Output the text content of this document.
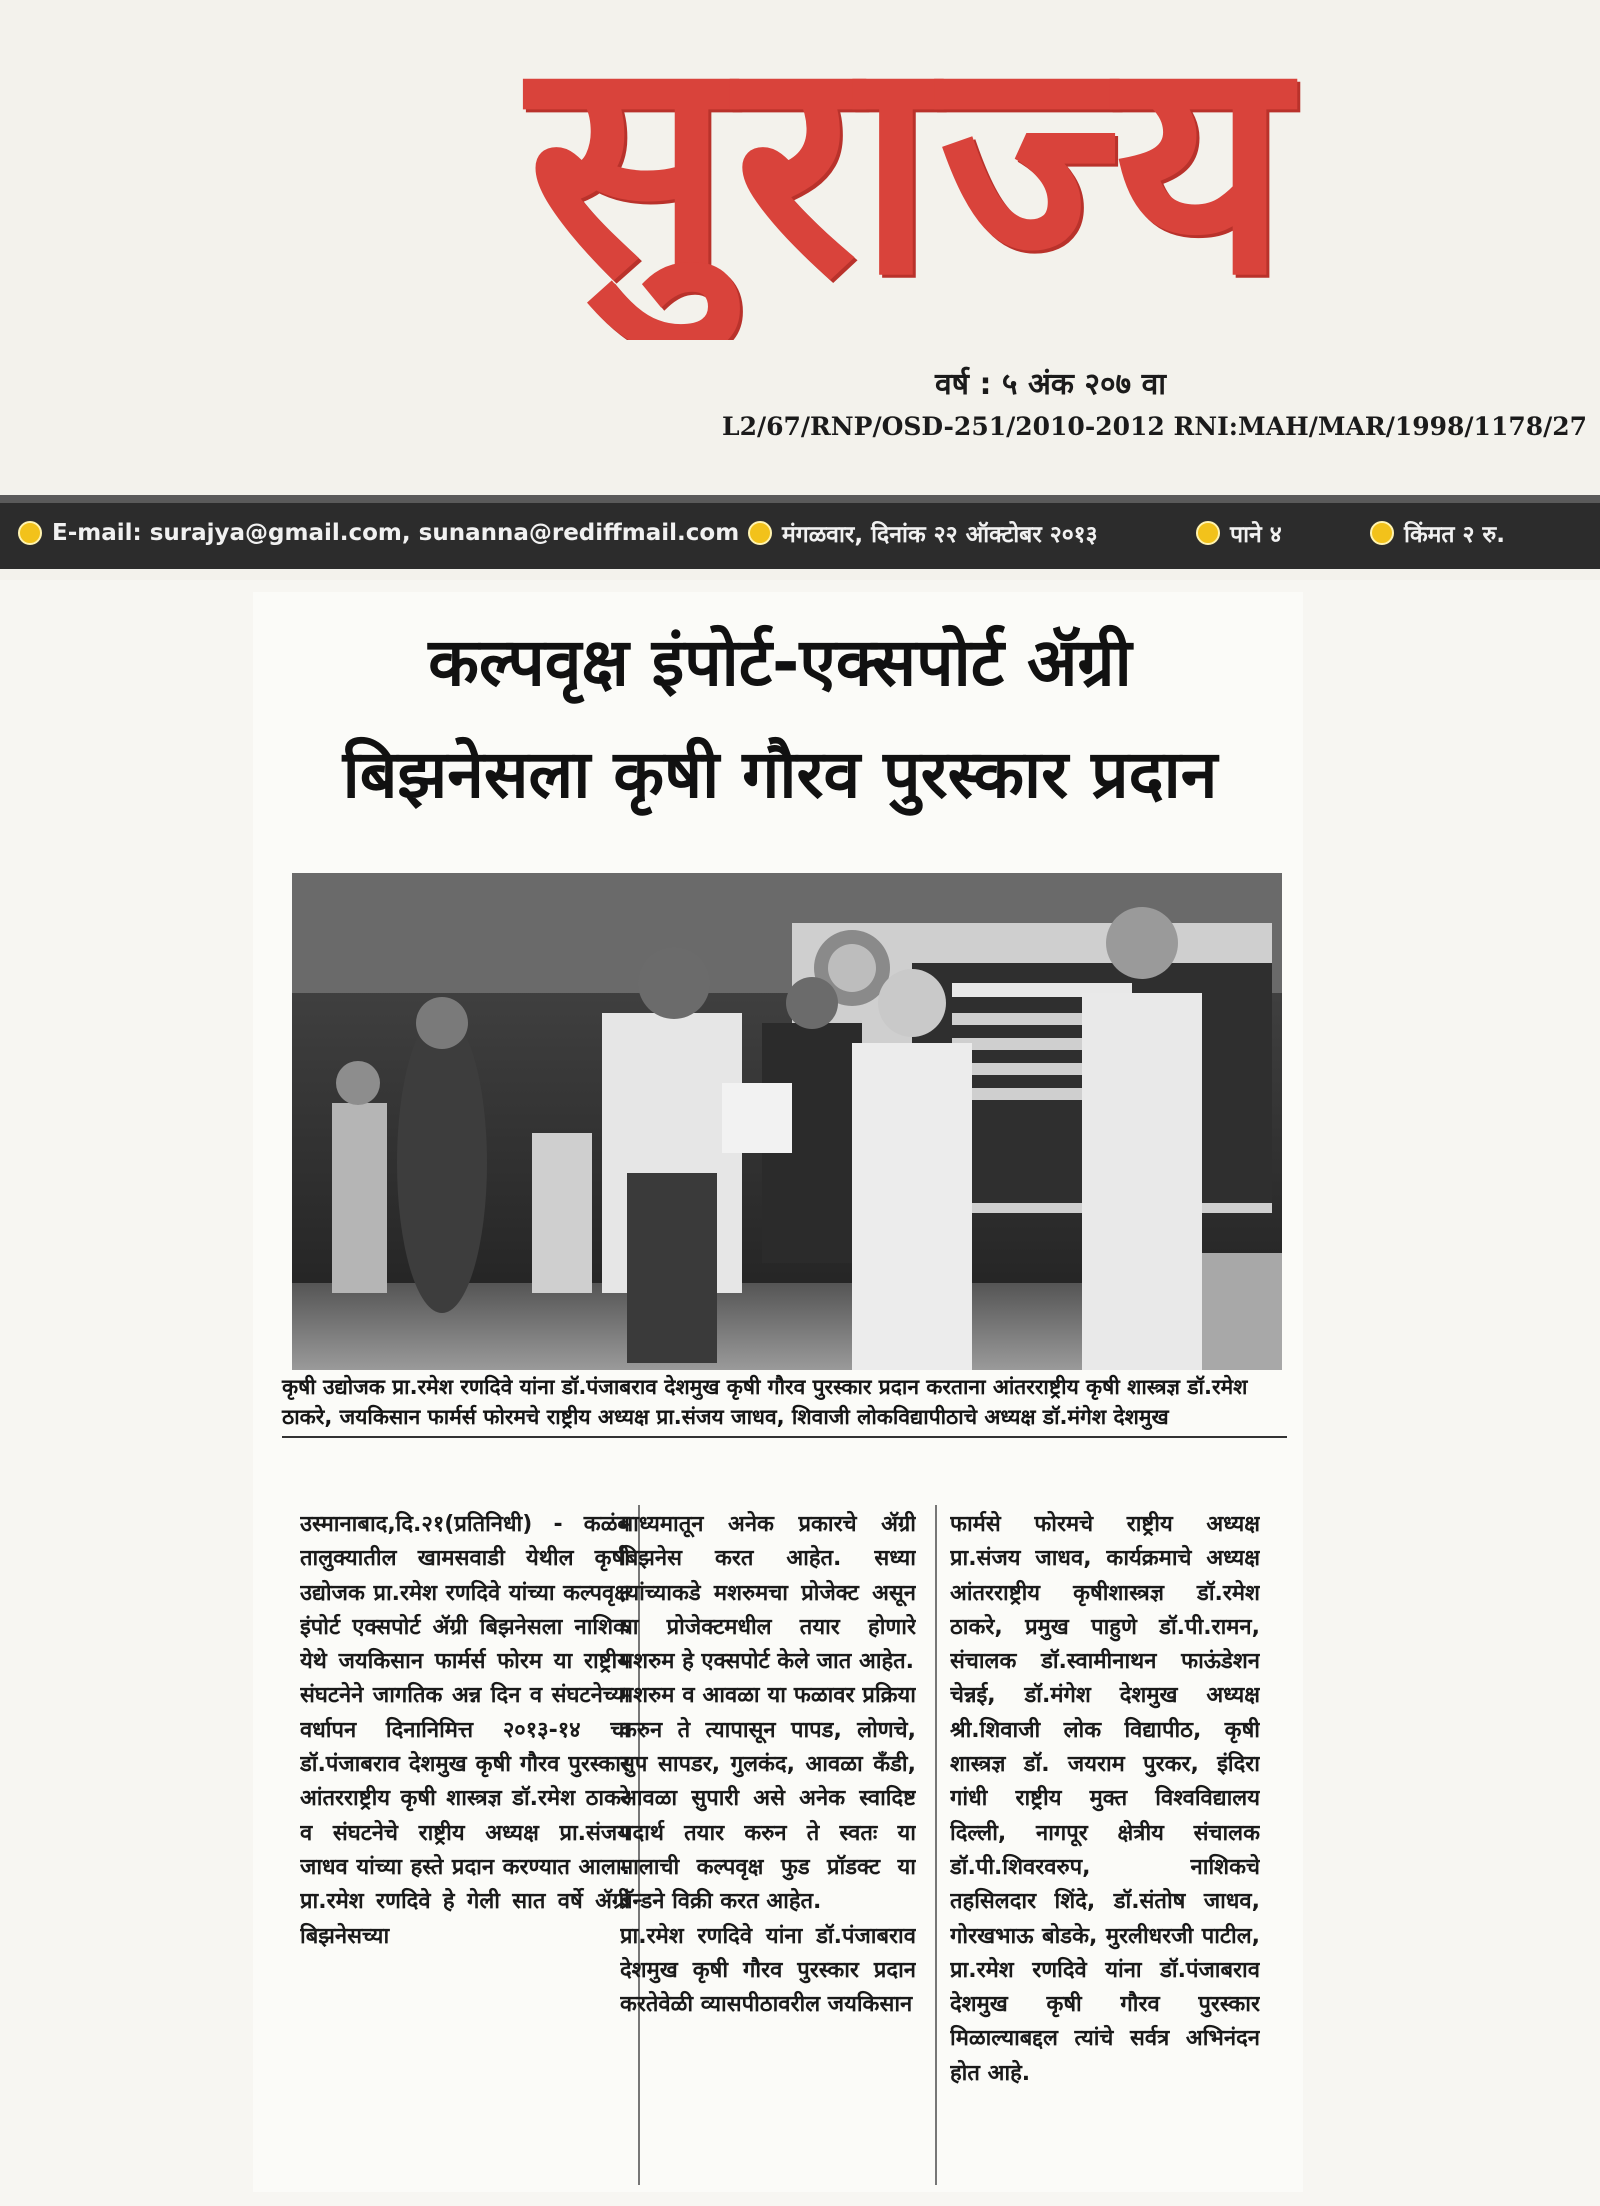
सुराज्य
वर्ष : ५ अंक २०७ वा
L2/67/RNP/OSD-251/2010-2012 RNI:MAH/MAR/1998/1178/27
E-mail: surajya@gmail.com, sunanna@rediffmail.com मंगळवार, दिनांक २२ ऑक्टोबर २०१३	पाने ४	किंमत २ रु.
कल्पवृक्ष इंपोर्ट-एक्सपोर्ट ॲग्री
बिझनेसला कृषी गौरव पुरस्कार प्रदान
कृषी उद्योजक प्रा.रमेश रणदिवे यांना डॉ.पंजाबराव देशमुख कृषी गौरव पुरस्कार प्रदान करताना आंतरराष्ट्रीय कृषी शास्त्रज्ञ डॉ.रमेश ठाकरे, जयकिसान फार्मर्स फोरमचे राष्ट्रीय अध्यक्ष प्रा.संजय जाधव, शिवाजी लोकविद्यापीठाचे अध्यक्ष डॉ.मंगेश देशमुख

उस्मानाबाद,दि.२१(प्रतिनिधी) - कळंब तालुक्यातील खामसवाडी येथील कृषी उद्योजक प्रा.रमेश रणदिवे यांच्या कल्पवृक्ष इंपोर्ट एक्सपोर्ट ॲग्री बिझनेसला नाशिक येथे जयकिसान फार्मर्स फोरम या राष्ट्रीय संघटनेने जागतिक अन्न दिन व संघटनेच्या वर्धापन दिनानिमित्त २०१३-१४ चा डॉ.पंजाबराव देशमुख कृषी गौरव पुरस्कार आंतरराष्ट्रीय कृषी शास्त्रज्ञ डॉ.रमेश ठाकरे व संघटनेचे राष्ट्रीय अध्यक्ष प्रा.संजय जाधव यांच्या हस्ते प्रदान करण्यात आला. प्रा.रमेश रणदिवे हे गेली सात वर्षे ॲग्री बिझनेसच्या

माध्यमातून अनेक प्रकारचे ॲग्री बिझनेस करत आहेत. सध्या त्यांच्याकडे मशरुमचा प्रोजेक्ट असून या प्रोजेक्टमधील तयार होणारे मशरुम हे एक्सपोर्ट केले जात आहेत.

मशरुम व आवळा या फळावर प्रक्रिया करुन ते त्यापासून पापड, लोणचे, सुप सापडर, गुलकंद, आवळा कँडी, आवळा सुपारी असे अनेक स्वादिष्ट पदार्थ तयार करुन ते स्वतः या मालाची कल्पवृक्ष फुड प्रॉडक्ट या ब्रॅन्डने विक्री करत आहेत.

प्रा.रमेश रणदिवे यांना डॉ.पंजाबराव देशमुख कृषी गौरव पुरस्कार प्रदान करतेवेळी व्यासपीठावरील जयकिसान

फार्मसे फोरमचे राष्ट्रीय अध्यक्ष प्रा.संजय जाधव, कार्यक्रमाचे अध्यक्ष आंतरराष्ट्रीय कृषीशास्त्रज्ञ डॉ.रमेश ठाकरे, प्रमुख पाहुणे डॉ.पी.रामन, संचालक डॉ.स्वामीनाथन फाऊंडेशन चेन्नई, डॉ.मंगेश देशमुख अध्यक्ष श्री.शिवाजी लोक विद्यापीठ, कृषी शास्त्रज्ञ डॉ. जयराम पुरकर, इंदिरा गांधी राष्ट्रीय मुक्त विश्‍वविद्यालय दिल्ली, नागपूर क्षेत्रीय संचालक डॉ.पी.शिवरवरुप, नाशिकचे तहसिलदार शिंदे, डॉ.संतोष जाधव, गोरखभाऊ बोडके, मुरलीधरजी पाटील, प्रा.रमेश रणदिवे यांना डॉ.पंजाबराव देशमुख कृषी गौरव पुरस्कार मिळाल्याबद्दल त्यांचे सर्वत्र अभिनंदन होत आहे.
